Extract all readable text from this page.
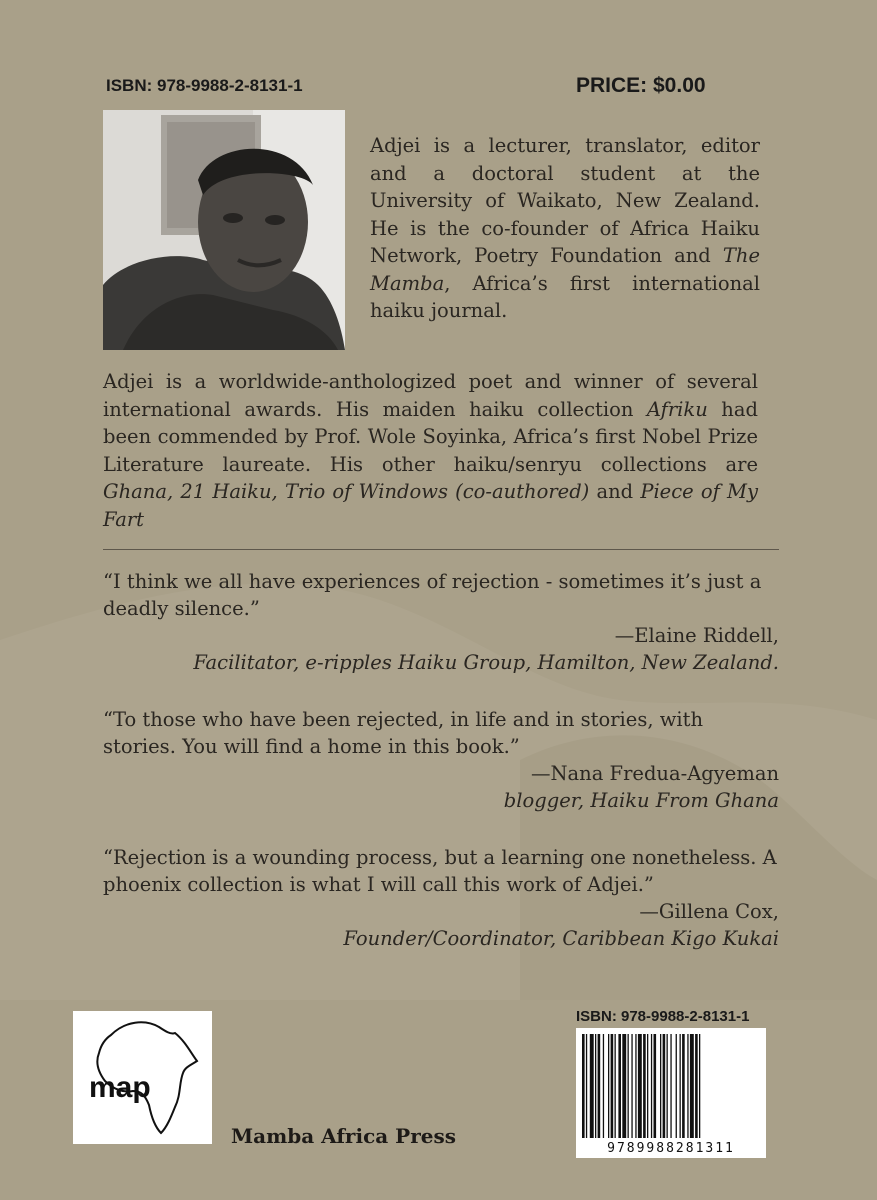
ISBN: 978-9988-2-8131-1	PRICE: $0.00
Adjei is a lecturer, translator, editor and a doctoral student at the University of Waikato, New Zealand. He is the co-founder of Africa Haiku Network, Poetry Foundation and The Mamba, Africa’s first international haiku journal.
Adjei is a worldwide-anthologized poet and winner of several international awards. His maiden haiku collection Afriku had been commended by Prof. Wole Soyinka, Africa’s first Nobel Prize Literature laureate. His other haiku/senryu collections are Ghana, 21 Haiku, Trio of Windows (co-authored) and Piece of My Fart
“I think we all have experiences of rejection - sometimes it’s just a deadly silence.”
—Elaine Riddell,
Facilitator, e-ripples Haiku Group, Hamilton, New Zealand.
“To those who have been rejected, in life and in stories, with stories. You will find a home in this book.”
—Nana Fredua-Agyeman
blogger, Haiku From Ghana
“Rejection is a wounding process, but a learning one nonetheless. A phoenix collection is what I will call this work of Adjei.”
—Gillena Cox,
Founder/Coordinator, Caribbean Kigo Kukai
map
Mamba Africa Press
ISBN: 978-9988-2-8131-1
9789988281311
